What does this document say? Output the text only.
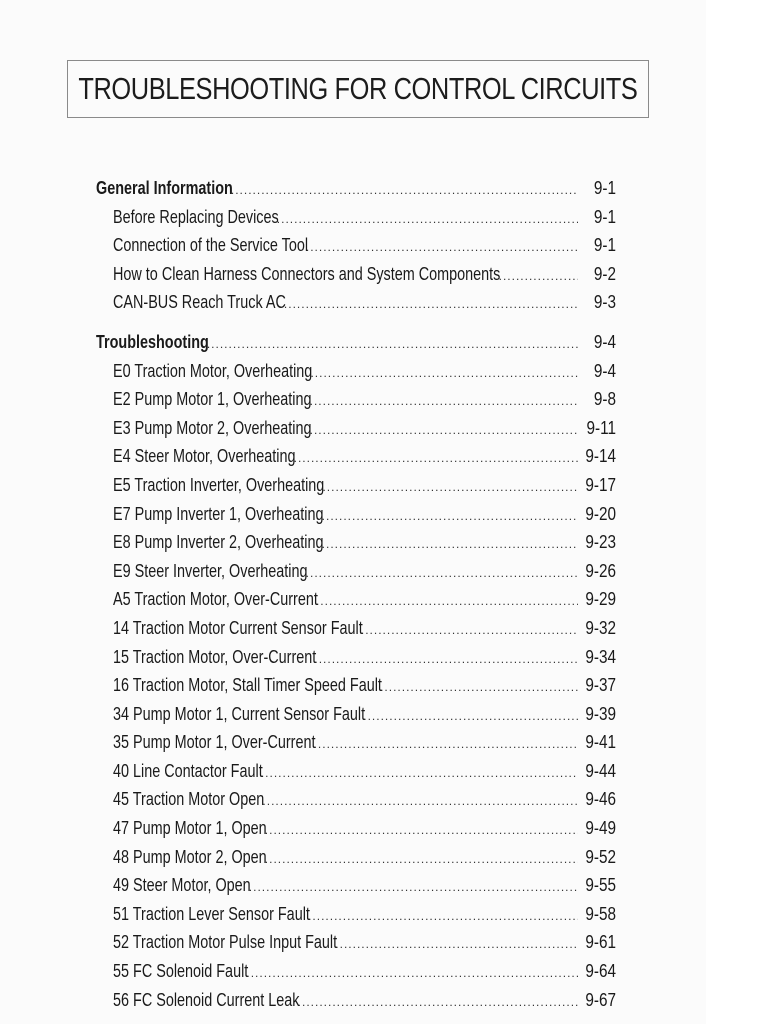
TROUBLESHOOTING FOR CONTROL CIRCUITS
General Information .....	9-1
Before Replacing Devices .....	9-1
Connection of the Service Tool .....	9-1
How to Clean Harness Connectors and System Components .....	9-2
CAN-BUS Reach Truck AC .....	9-3
Troubleshooting .....	9-4
E0 Traction Motor, Overheating .....	9-4
E2 Pump Motor 1, Overheating .....	9-8
E3 Pump Motor 2, Overheating .....	9-11
E4 Steer Motor, Overheating .....	9-14
E5 Traction Inverter, Overheating .....	9-17
E7 Pump Inverter 1, Overheating .....	9-20
E8 Pump Inverter 2, Overheating .....	9-23
E9 Steer Inverter, Overheating .....	9-26
A5 Traction Motor, Over-Current .....	9-29
14 Traction Motor Current Sensor Fault .....	9-32
15 Traction Motor, Over-Current .....	9-34
16 Traction Motor, Stall Timer Speed Fault .....	9-37
34 Pump Motor 1, Current Sensor Fault .....	9-39
35 Pump Motor 1, Over-Current .....	9-41
40 Line Contactor Fault .....	9-44
45 Traction Motor Open .....	9-46
47 Pump Motor 1, Open .....	9-49
48 Pump Motor 2, Open .....	9-52
49 Steer Motor, Open .....	9-55
51 Traction Lever Sensor Fault .....	9-58
52 Traction Motor Pulse Input Fault .....	9-61
55 FC Solenoid Fault .....	9-64
56 FC Solenoid Current Leak .....	9-67
